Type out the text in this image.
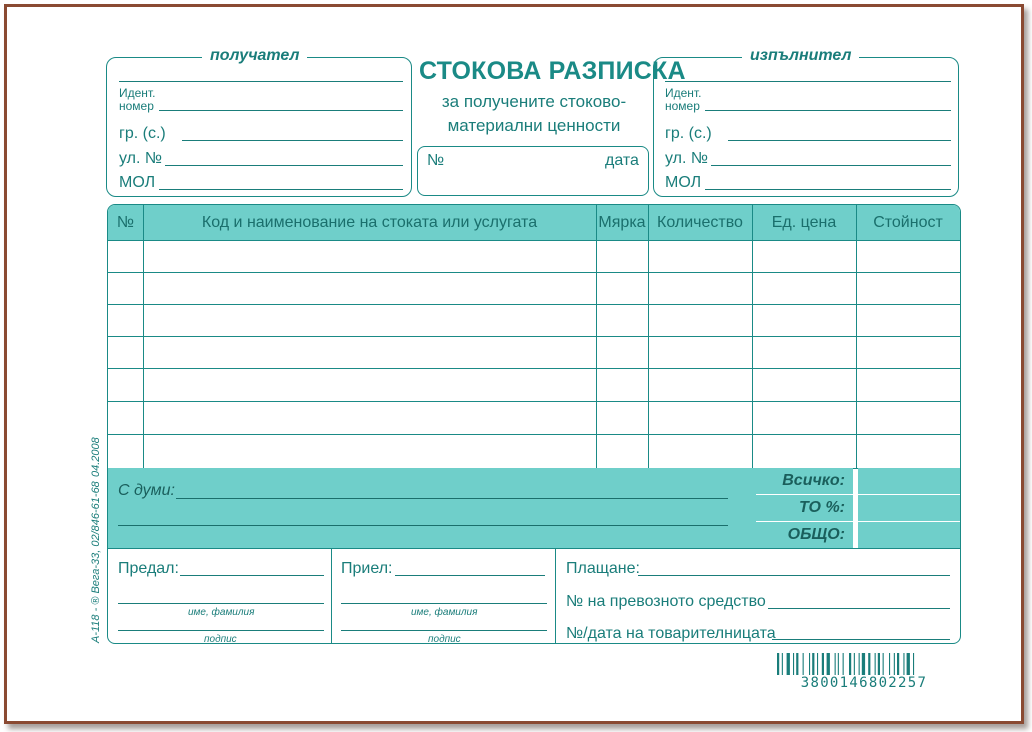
получател
Идент.
номер
гр. (с.)
ул. №
МОЛ
СТОКОВА РАЗПИСКА
за получените стоково-
материални ценности
№	дата
изпълнител
Идент.
номер
гр. (с.)
ул. №
МОЛ
№	Код и наименование на стоката или услугата	Мярка Количество	Ед. цена	Стойност
С думи:
Всичко:
ТО %:
ОБЩО:
Предал:
име, фамилия
подпис
Приел:
име, фамилия
подпис
Плащане:
№ на превозното средство
№/дата на товарителницата
04.2008
А-118 - ® Вега-33, 02/846-61-68
3800146802257
